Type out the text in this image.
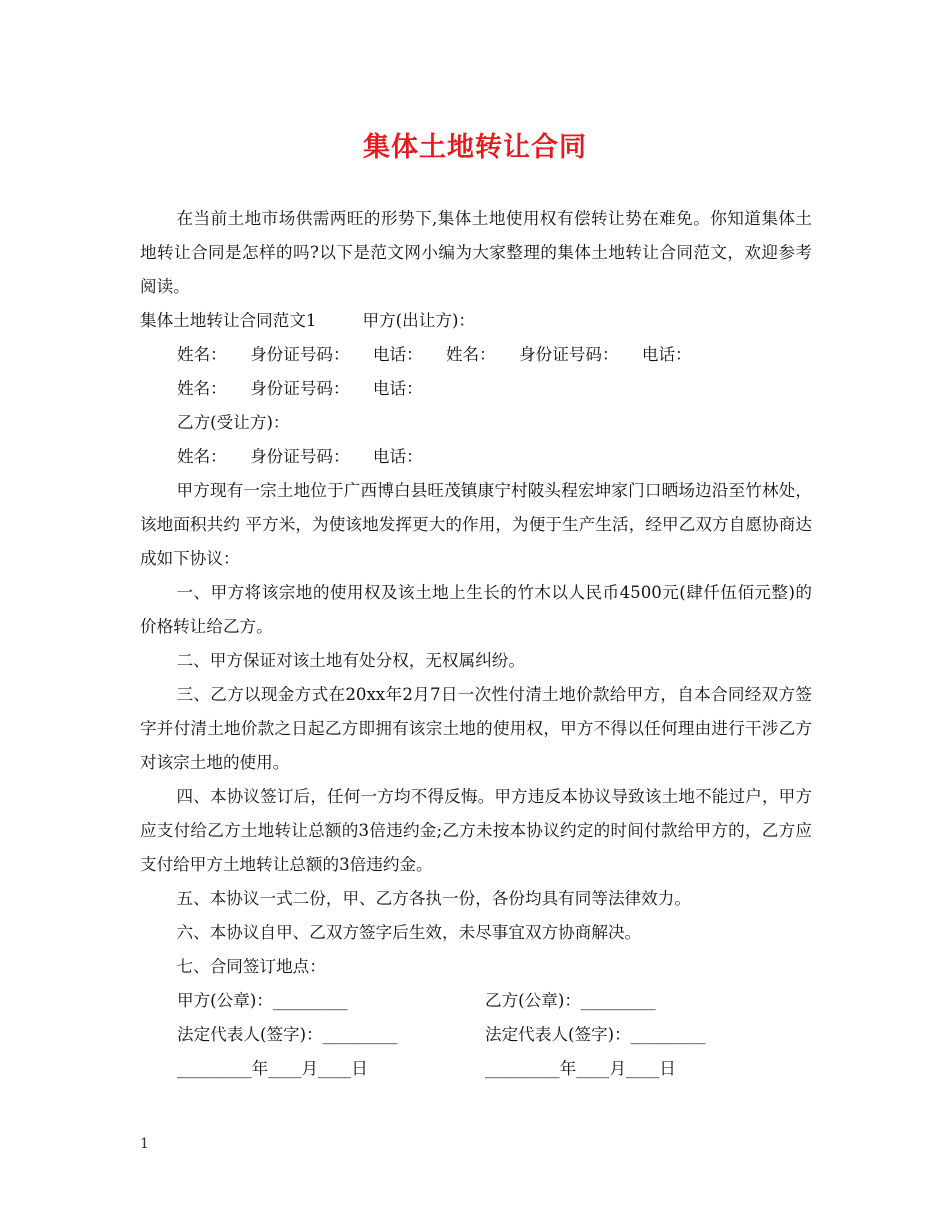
集体土地转让合同

在当前土地市场供需两旺的形势下,集体土地使用权有偿转让势在难免。你知道集体土地转让合同是怎样的吗?以下是范文网小编为大家整理的集体土地转让合同范文，欢迎参考阅读。

集体土地转让合同范文1	甲方(出让方)：
姓名： 身份证号码： 电话： 姓名： 身份证号码： 电话：
姓名： 身份证号码： 电话：
乙方(受让方)：
姓名： 身份证号码： 电话：

甲方现有一宗土地位于广西博白县旺茂镇康宁村陂头程宏坤家门口晒场边沿至竹林处，该地面积共约 平方米，为使该地发挥更大的作用，为便于生产生活，经甲乙双方自愿协商达成如下协议：

一、甲方将该宗地的使用权及该土地上生长的竹木以人民币4500元(肆仟伍佰元整)的价格转让给乙方。

二、甲方保证对该土地有处分权，无权属纠纷。

三、乙方以现金方式在20xx年2月7日一次性付清土地价款给甲方，自本合同经双方签字并付清土地价款之日起乙方即拥有该宗土地的使用权，甲方不得以任何理由进行干涉乙方对该宗土地的使用。

四、本协议签订后，任何一方均不得反悔。甲方违反本协议导致该土地不能过户，甲方应支付给乙方土地转让总额的3倍违约金;乙方未按本协议约定的时间付款给甲方的，乙方应支付给甲方土地转让总额的3倍违约金。

五、本协议一式二份，甲、乙方各执一份，各份均具有同等法律效力。

六、本协议自甲、乙双方签字后生效，未尽事宜双方协商解决。

七、合同签订地点：

甲方(公章)：_________	乙方(公章)：_________
法定代表人(签字)：_________	法定代表人(签字)：_________
_________年____月____日	_________年____月____日
1
